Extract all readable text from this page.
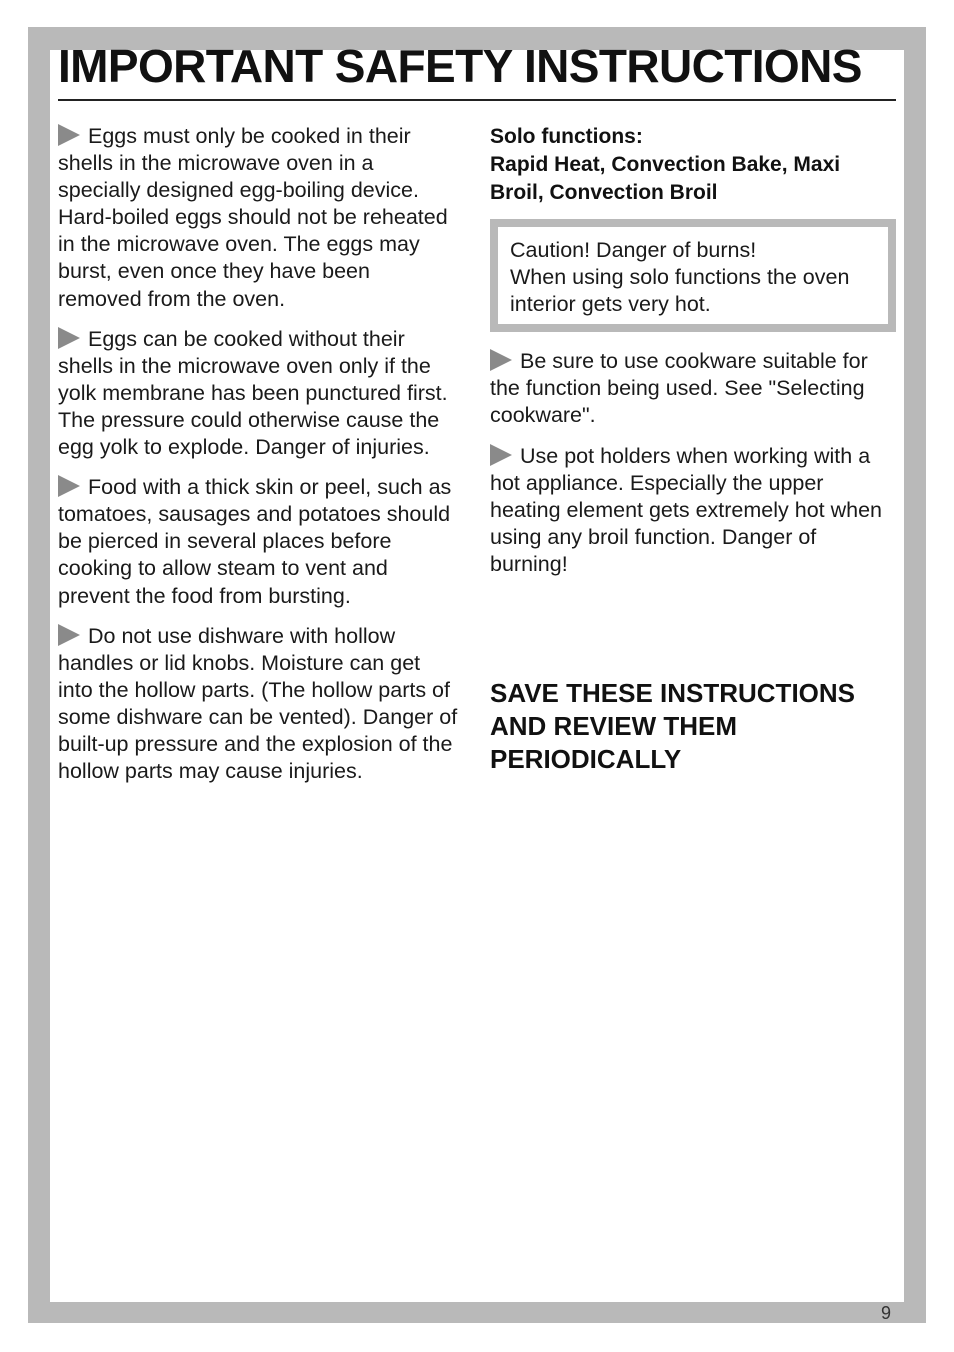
IMPORTANT SAFETY INSTRUCTIONS

Eggs must only be cooked in their shells in the microwave oven in a specially designed egg-boiling device. Hard-boiled eggs should not be reheated in the microwave oven. The eggs may burst, even once they have been removed from the oven.

Eggs can be cooked without their shells in the microwave oven only if the yolk membrane has been punctured first. The pressure could otherwise cause the egg yolk to explode. Danger of injuries.

Food with a thick skin or peel, such as tomatoes, sausages and potatoes should be pierced in several places before cooking to allow steam to vent and prevent the food from bursting.

Do not use dishware with hollow handles or lid knobs. Moisture can get into the hollow parts. (The hollow parts of some dishware can be vented). Danger of built-up pressure and the explosion of the hollow parts may cause injuries.

Solo functions:
Rapid Heat, Convection Bake, Maxi Broil, Convection Broil

Caution! Danger of burns!

When using solo functions the oven interior gets very hot.

Be sure to use cookware suitable for the function being used. See "Selecting cookware".

Use pot holders when working with a hot appliance. Especially the upper heating element gets extremely hot when using any broil function. Danger of burning!

SAVE THESE INSTRUCTIONS AND REVIEW THEM PERIODICALLY
9
